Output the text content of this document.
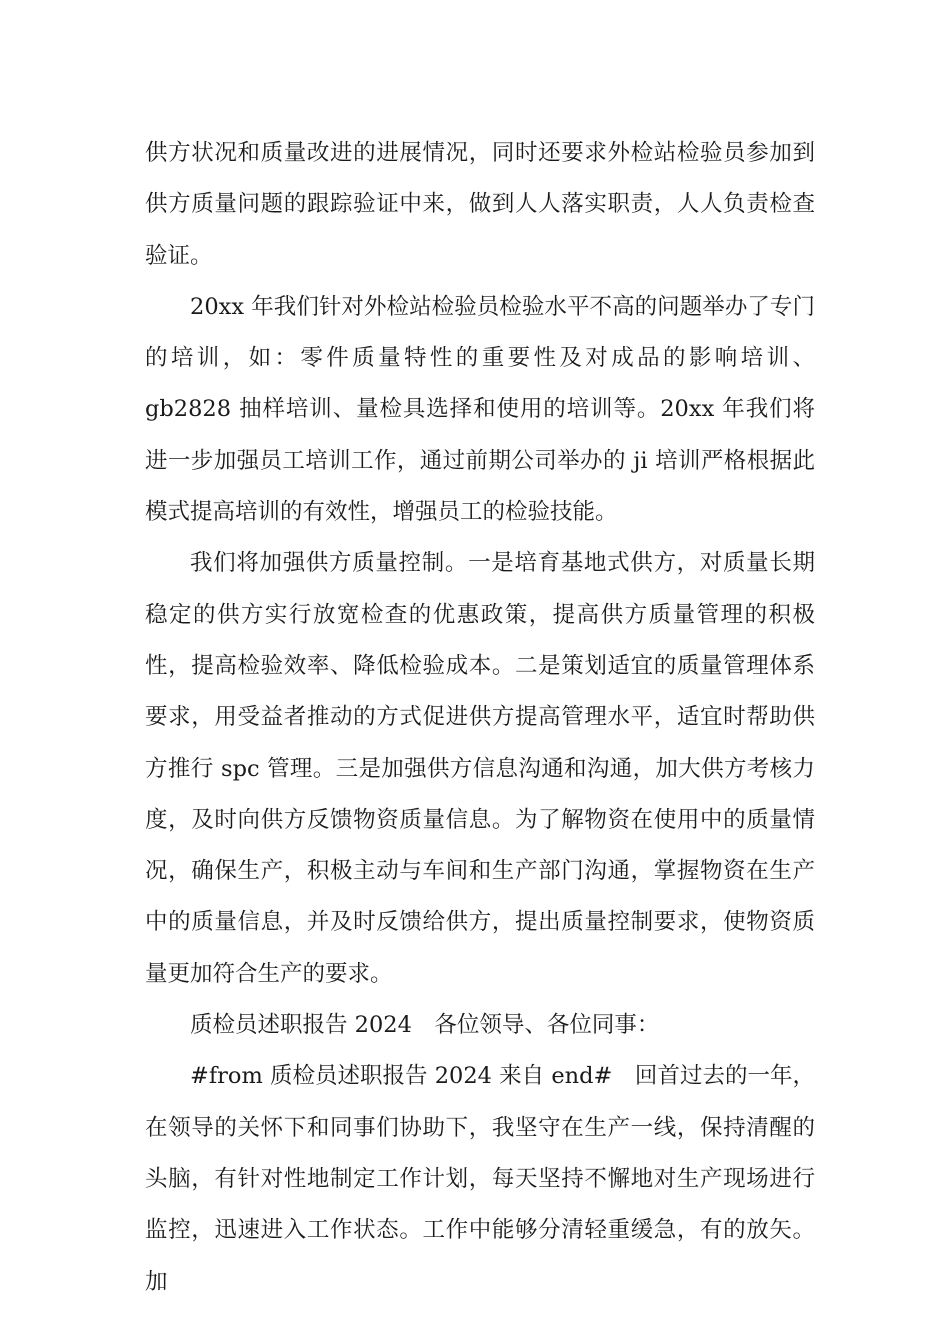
供方状况和质量改进的进展情况，同时还要求外检站检验员参加到供方质量问题的跟踪验证中来，做到人人落实职责，人人负责检查验证。

20xx 年我们针对外检站检验员检验水平不高的问题举办了专门的培训，如：零件质量特性的重要性及对成品的影响培训、gb2828 抽样培训、量检具选择和使用的培训等。20xx 年我们将进一步加强员工培训工作，通过前期公司举办的 ji 培训严格根据此模式提高培训的有效性，增强员工的检验技能。

我们将加强供方质量控制。一是培育基地式供方，对质量长期稳定的供方实行放宽检查的优惠政策，提高供方质量管理的积极性，提高检验效率、降低检验成本。二是策划适宜的质量管理体系要求，用受益者推动的方式促进供方提高管理水平，适宜时帮助供方推行 spc 管理。三是加强供方信息沟通和沟通，加大供方考核力度，及时向供方反馈物资质量信息。为了解物资在使用中的质量情况，确保生产，积极主动与车间和生产部门沟通，掌握物资在生产中的质量信息，并及时反馈给供方，提出质量控制要求，使物资质量更加符合生产的要求。

质检员述职报告 2024　各位领导、各位同事：

#from 质检员述职报告 2024 来自 end#　回首过去的一年，在领导的关怀下和同事们协助下，我坚守在生产一线，保持清醒的头脑，有针对性地制定工作计划，每天坚持不懈地对生产现场进行监控，迅速进入工作状态。工作中能够分清轻重缓急，有的放矢。加
